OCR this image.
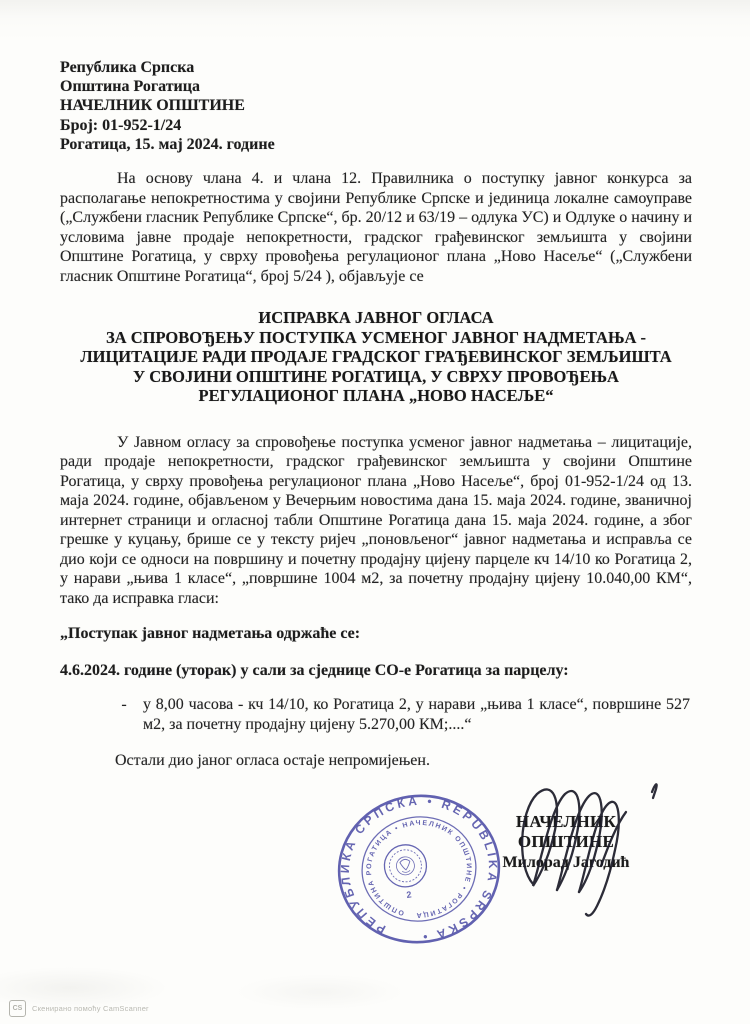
Република Српска
Општина Рогатица
НАЧЕЛНИК ОПШТИНЕ
Број: 01-952-1/24
Рогатица, 15. мај 2024. године

На основу члана 4. и члана 12. Правилника о поступку јавног конкурса за располагање непокретностима у својини Републике Српске и јединица локалне самоуправе („Службени гласник Републике Српске“, бр. 20/12 и 63/19 – одлука УС) и Одлуке о начину и условима јавне продаје непокретности, градског грађевинског земљишта у својини Општине Рогатица, у сврху провођења регулационог плана „Ново Насеље“ („Службени гласник Општине Рогатица“, број 5/24 ), објављује се

ИСПРАВКА ЈАВНОГ ОГЛАСА
ЗА СПРОВОЂЕЊУ ПОСТУПКА УСМЕНОГ ЈАВНОГ НАДМЕТАЊА -
ЛИЦИТАЦИЈЕ РАДИ ПРОДАЈЕ ГРАДСКОГ ГРАЂЕВИНСКОГ ЗЕМЉИШТА
У СВОЈИНИ ОПШТИНЕ РОГАТИЦА, У СВРХУ ПРОВОЂЕЊА
РЕГУЛАЦИОНОГ ПЛАНА „НОВО НАСЕЉЕ“

У Јавном огласу за спровођење поступка усменог јавног надметања – лицитације, ради продаје непокретности, градског грађевинског земљишта у својини Општине Рогатица, у сврху провођења регулационог плана „Ново Насеље“, број 01-952-1/24 од 13. маја 2024. године, објављеном у Вечерњим новостима дана 15. маја 2024. године, званичној интернет страници и огласној табли Општине Рогатица дана 15. маја 2024. године, а због грешке у куцању, брише се у тексту ријеч „поновљеног“ јавног надметања и исправља се дио који се односи на површину и почетну продајну цијену парцеле кч 14/10 ко Рогатица 2, у нарави „њива 1 класе“, „површине 1004 м2, за почетну продајну цијену 10.040,00 КМ“, тако да исправка гласи:

„Поступак јавног надметања одржаће се:

4.6.2024. године (уторак) у сали за сједнице СО-е Рогатица за парцелу:

-	у 8,00 часова - кч 14/10, ко Рогатица 2, у нарави „њива 1 класе“, површине 527 м2, за почетну продајну цијену 5.270,00 КМ;....“

Остали дио јаног огласа остаје непромијењен.

РЕПУБЛИКА СРПСКА • REPUBLIKA SRPSKA •
ОПШТИНА РОГАТИЦА • НАЧЕЛНИК ОПШТИНЕ • РОГАТИЦА
2
НАЧЕЛНИК ОПШТИНЕ
Милорад Јагодић
CS	Скенирано помоћу CamScanner
